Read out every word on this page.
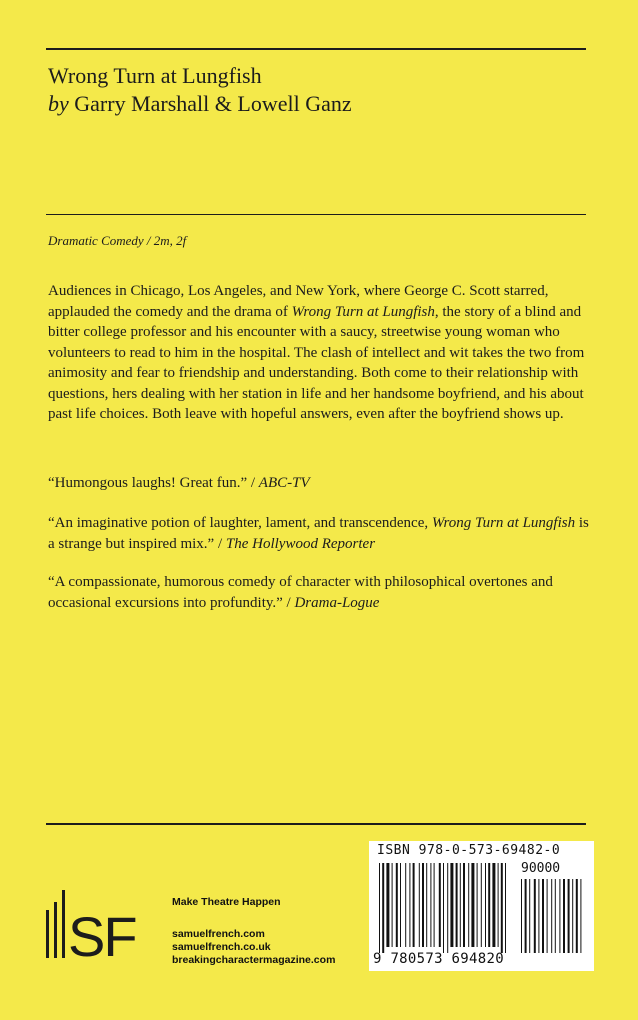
Wrong Turn at Lungfish
by Garry Marshall & Lowell Ganz
Dramatic Comedy / 2m, 2f
Audiences in Chicago, Los Angeles, and New York, where George C. Scott starred, applauded the comedy and the drama of Wrong Turn at Lungfish, the story of a blind and bitter college professor and his encounter with a saucy, streetwise young woman who volunteers to read to him in the hospital. The clash of intellect and wit takes the two from animosity and fear to friendship and understanding. Both come to their relationship with questions, hers dealing with her station in life and her handsome boyfriend, and his about past life choices. Both leave with hopeful answers, even after the boyfriend shows up.
“Humongous laughs! Great fun.” / ABC-TV
“An imaginative potion of laughter, lament, and transcendence, Wrong Turn at Lungfish is a strange but inspired mix.” / The Hollywood Reporter
“A compassionate, humorous comedy of character with philosophical overtones and occasional excursions into profundity.” / Drama-Logue
SF
Make Theatre Happen
samuelfrench.com
samuelfrench.co.uk
breakingcharactermagazine.com
ISBN 978-0-573-69482-0
90000
9 780573 694820
